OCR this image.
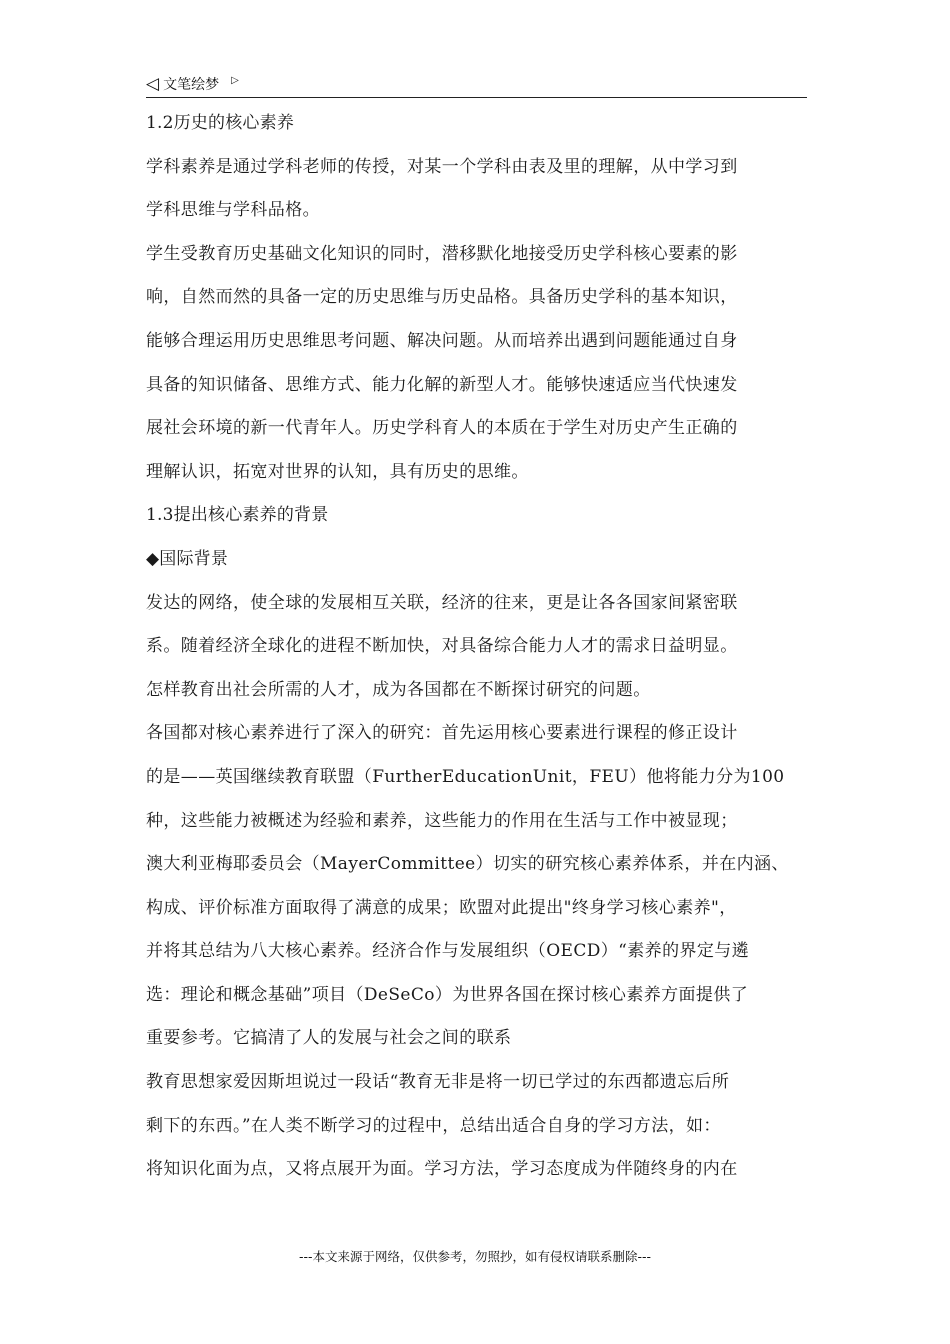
◁ 文笔绘梦 ▷
1.2历史的核心素养
学科素养是通过学科老师的传授，对某一个学科由表及里的理解，从中学习到
学科思维与学科品格。
学生受教育历史基础文化知识的同时，潜移默化地接受历史学科核心要素的影
响，自然而然的具备一定的历史思维与历史品格。具备历史学科的基本知识，
能够合理运用历史思维思考问题、解决问题。从而培养出遇到问题能通过自身
具备的知识储备、思维方式、能力化解的新型人才。能够快速适应当代快速发
展社会环境的新一代青年人。历史学科育人的本质在于学生对历史产生正确的
理解认识，拓宽对世界的认知，具有历史的思维。
1.3提出核心素养的背景
◆国际背景
发达的网络，使全球的发展相互关联，经济的往来，更是让各各国家间紧密联
系。随着经济全球化的进程不断加快，对具备综合能力人才的需求日益明显。
怎样教育出社会所需的人才，成为各国都在不断探讨研究的问题。
各国都对核心素养进行了深入的研究：首先运用核心要素进行课程的修正设计
的是——英国继续教育联盟（FurtherEducationUnit，FEU）他将能力分为100
种，这些能力被概述为经验和素养，这些能力的作用在生活与工作中被显现；
澳大利亚梅耶委员会（MayerCommittee）切实的研究核心素养体系，并在内涵、
构成、评价标准方面取得了满意的成果；欧盟对此提出"终身学习核心素养"，
并将其总结为八大核心素养。经济合作与发展组织（OECD）“素养的界定与遴
选：理论和概念基础”项目（DeSeCo）为世界各国在探讨核心素养方面提供了
重要参考。它搞清了人的发展与社会之间的联系
教育思想家爱因斯坦说过一段话“教育无非是将一切已学过的东西都遗忘后所
剩下的东西。”在人类不断学习的过程中，总结出适合自身的学习方法，如：
将知识化面为点，又将点展开为面。学习方法，学习态度成为伴随终身的内在
---本文来源于网络，仅供参考，勿照抄，如有侵权请联系删除---
